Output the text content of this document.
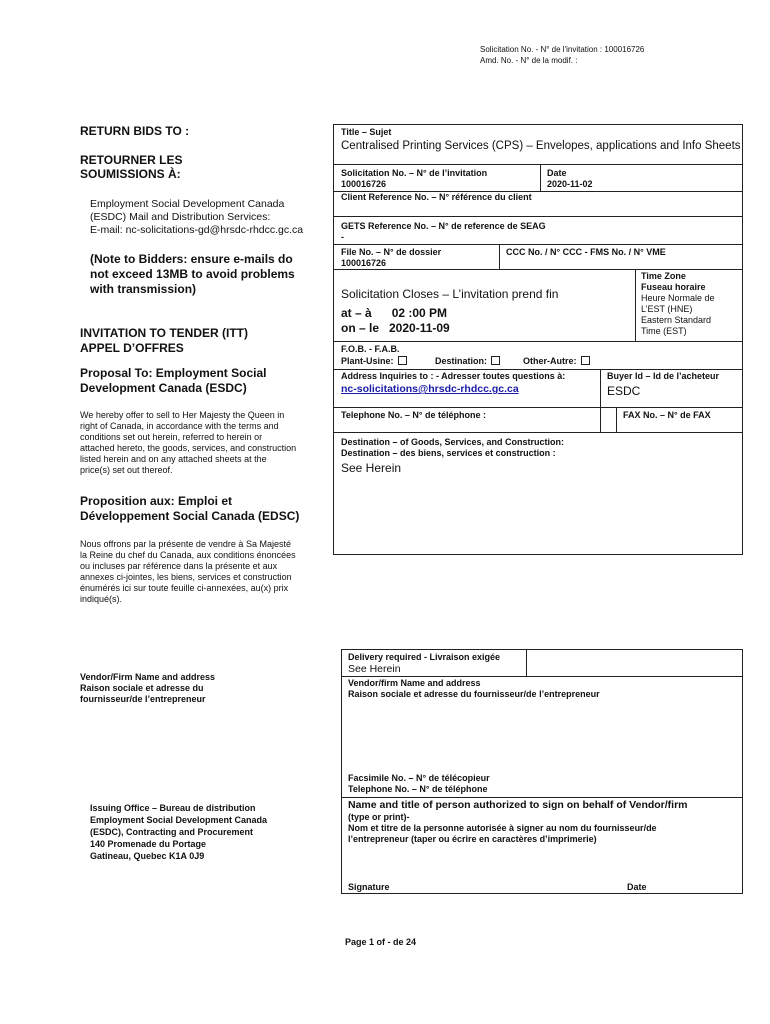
Solicitation No. - N° de l'invitation : 100016726
Amd. No. - N° de la modif. :
RETURN BIDS TO :
RETOURNER LES
SOUMISSIONS À:
Employment Social Development Canada
(ESDC) Mail and Distribution Services:
E-mail: nc-solicitations-gd@hrsdc-rhdcc.gc.ca
(Note to Bidders: ensure e-mails do
not exceed 13MB to avoid problems
with transmission)
INVITATION TO TENDER (ITT)
APPEL D’OFFRES
Proposal To: Employment Social
Development Canada (ESDC)
We hereby offer to sell to Her Majesty the Queen in
right of Canada, in accordance with the terms and
conditions set out herein, referred to herein or
attached hereto, the goods, services, and construction
listed herein and on any attached sheets at the
price(s) set out thereof.
Proposition aux: Emploi et
Développement Social Canada (EDSC)
Nous offrons par la présente de vendre à Sa Majesté
la Reine du chef du Canada, aux conditions énoncées
ou incluses par référence dans la présente et aux
annexes ci-jointes, les biens, services et construction
énumérés ici sur toute feuille ci-annexées, au(x) prix
indiqué(s).
Vendor/Firm Name and address
Raison sociale et adresse du
fournisseur/de l’entrepreneur
Issuing Office – Bureau de distribution
Employment Social Development Canada
(ESDC), Contracting and Procurement
140 Promenade du Portage
Gatineau, Quebec K1A 0J9
Title – Sujet
Centralised Printing Services (CPS) – Envelopes, applications and Info Sheets
Solicitation No. – N° de l’invitation
100016726
Date
2020-11-02
Client Reference No. – N° référence du client
GETS Reference No. – N° de reference de SEAG
-
File No. – N° de dossier
100016726
CCC No. / N° CCC - FMS No. / N° VME
Solicitation Closes – L’invitation prend fin
at – à      02 :00 PM
on – le   2020-11-09
Time Zone
Fuseau horaire
Heure Normale de
L’EST (HNE)
Eastern Standard
Time (EST)
F.O.B. - F.A.B.
Plant-Usine:	Destination:	Other-Autre:
Address Inquiries to : - Adresser toutes questions à:
nc-solicitations@hrsdc-rhdcc.gc.ca
Buyer Id – Id de l’acheteur
ESDC
Telephone No. – N° de téléphone :	FAX No. – N° de FAX
Destination – of Goods, Services, and Construction:
Destination – des biens, services et construction :
See Herein
Delivery required - Livraison exigée
See Herein
Vendor/firm Name and address
Raison sociale et adresse du fournisseur/de l’entrepreneur
Facsimile No. – N° de télécopieur
Telephone No. – N° de téléphone
Name and title of person authorized to sign on behalf of Vendor/firm
(type or print)-
Nom et titre de la personne autorisée à signer au nom du fournisseur/de
l’entrepreneur (taper ou écrire en caractères d’imprimerie)
Signature	Date
Page 1 of - de 24
